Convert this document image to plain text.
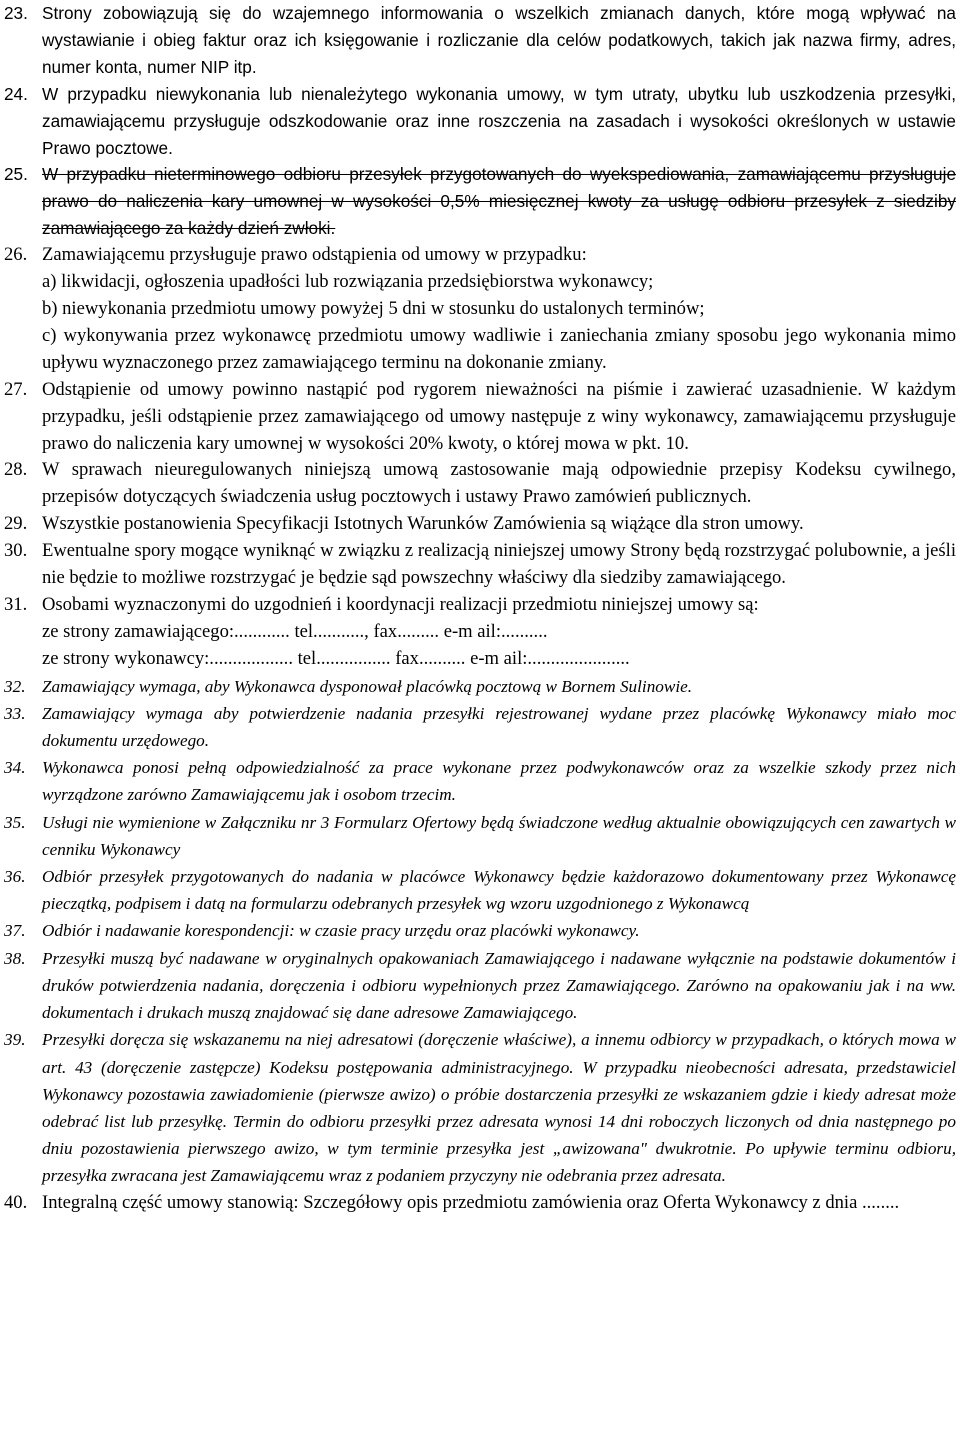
23. Strony zobowiązują się do wzajemnego informowania o wszelkich zmianach danych, które mogą wpływać na wystawianie i obieg faktur oraz ich księgowanie i rozliczanie dla celów podatkowych, takich jak nazwa firmy, adres, numer konta, numer NIP itp.
24. W przypadku niewykonania lub nienależytego wykonania umowy, w tym utraty, ubytku lub uszkodzenia przesyłki, zamawiającemu przysługuje odszkodowanie oraz inne roszczenia na zasadach i wysokości określonych w ustawie Prawo pocztowe.
25. W przypadku nieterminowego odbioru przesyłek przygotowanych do wyekspediowania, zamawiającemu przysługuje prawo do naliczenia kary umownej w wysokości 0,5% miesięcznej kwoty za usługę odbioru przesyłek z siedziby zamawiającego za każdy dzień zwłoki.
26. Zamawiającemu przysługuje prawo odstąpienia od umowy w przypadku:
a) likwidacji, ogłoszenia upadłości lub rozwiązania przedsiębiorstwa wykonawcy;
b) niewykonania przedmiotu umowy powyżej 5 dni w stosunku do ustalonych terminów;
c) wykonywania przez wykonawcę przedmiotu umowy wadliwie i zaniechania zmiany sposobu jego wykonania mimo upływu wyznaczonego przez zamawiającego terminu na dokonanie zmiany.
27. Odstąpienie od umowy powinno nastąpić pod rygorem nieważności na piśmie i zawierać uzasadnienie. W każdym przypadku, jeśli odstąpienie przez zamawiającego od umowy następuje z winy wykonawcy, zamawiającemu przysługuje prawo do naliczenia kary umownej w wysokości 20% kwoty, o której mowa w pkt. 10.
28. W sprawach nieuregulowanych niniejszą umową zastosowanie mają odpowiednie przepisy Kodeksu cywilnego, przepisów dotyczących świadczenia usług pocztowych i ustawy Prawo zamówień publicznych.
29. Wszystkie postanowienia Specyfikacji Istotnych Warunków Zamówienia są wiążące dla stron umowy.
30. Ewentualne spory mogące wyniknąć w związku z realizacją niniejszej umowy Strony będą rozstrzygać polubownie, a jeśli nie będzie to możliwe rozstrzygać je będzie sąd powszechny właściwy dla siedziby zamawiającego.
31. Osobami wyznaczonymi do uzgodnień i koordynacji realizacji przedmiotu niniejszej umowy są:
ze strony zamawiającego:............ tel..........., fax......... e-m ail:..........
ze strony wykonawcy:.................. tel................ fax.......... e-m ail:......................
32. Zamawiający wymaga, aby Wykonawca dysponował placówką pocztową w Bornem Sulinowie.
33. Zamawiający wymaga aby potwierdzenie nadania przesyłki rejestrowanej wydane przez placówkę Wykonawcy miało moc dokumentu urzędowego.
34. Wykonawca ponosi pełną odpowiedzialność za prace wykonane przez podwykonawców oraz za wszelkie szkody przez nich wyrządzone zarówno Zamawiającemu jak i osobom trzecim.
35. Usługi nie wymienione w Załączniku nr 3 Formularz Ofertowy będą świadczone według aktualnie obowiązujących cen zawartych w cenniku Wykonawcy
36. Odbiór przesyłek przygotowanych do nadania w placówce Wykonawcy będzie każdorazowo dokumentowany przez Wykonawcę pieczątką, podpisem i datą na formularzu odebranych przesyłek wg wzoru uzgodnionego z Wykonawcą
37. Odbiór i nadawanie korespondencji: w czasie pracy urzędu oraz placówki wykonawcy.
38. Przesyłki muszą być nadawane w oryginalnych opakowaniach Zamawiającego i nadawane wyłącznie na podstawie dokumentów i druków potwierdzenia nadania, doręczenia i odbioru wypełnionych przez Zamawiającego. Zarówno na opakowaniu jak i na ww. dokumentach i drukach muszą znajdować się dane adresowe Zamawiającego.
39. Przesyłki doręcza się wskazanemu na niej adresatowi (doręczenie właściwe), a innemu odbiorcy w przypadkach, o których mowa w art. 43 (doręczenie zastępcze) Kodeksu postępowania administracyjnego. W przypadku nieobecności adresata, przedstawiciel Wykonawcy pozostawia zawiadomienie (pierwsze awizo) o próbie dostarczenia przesyłki ze wskazaniem gdzie i kiedy adresat może odebrać list lub przesyłkę. Termin do odbioru przesyłki przez adresata wynosi 14 dni roboczych liczonych od dnia następnego po dniu pozostawienia pierwszego awizo, w tym terminie przesyłka jest „awizowana" dwukrotnie. Po upływie terminu odbioru, przesyłka zwracana jest Zamawiającemu wraz z podaniem przyczyny nie odebrania przez adresata.
40. Integralną część umowy stanowią: Szczegółowy opis przedmiotu zamówienia oraz Oferta Wykonawcy z dnia ........
